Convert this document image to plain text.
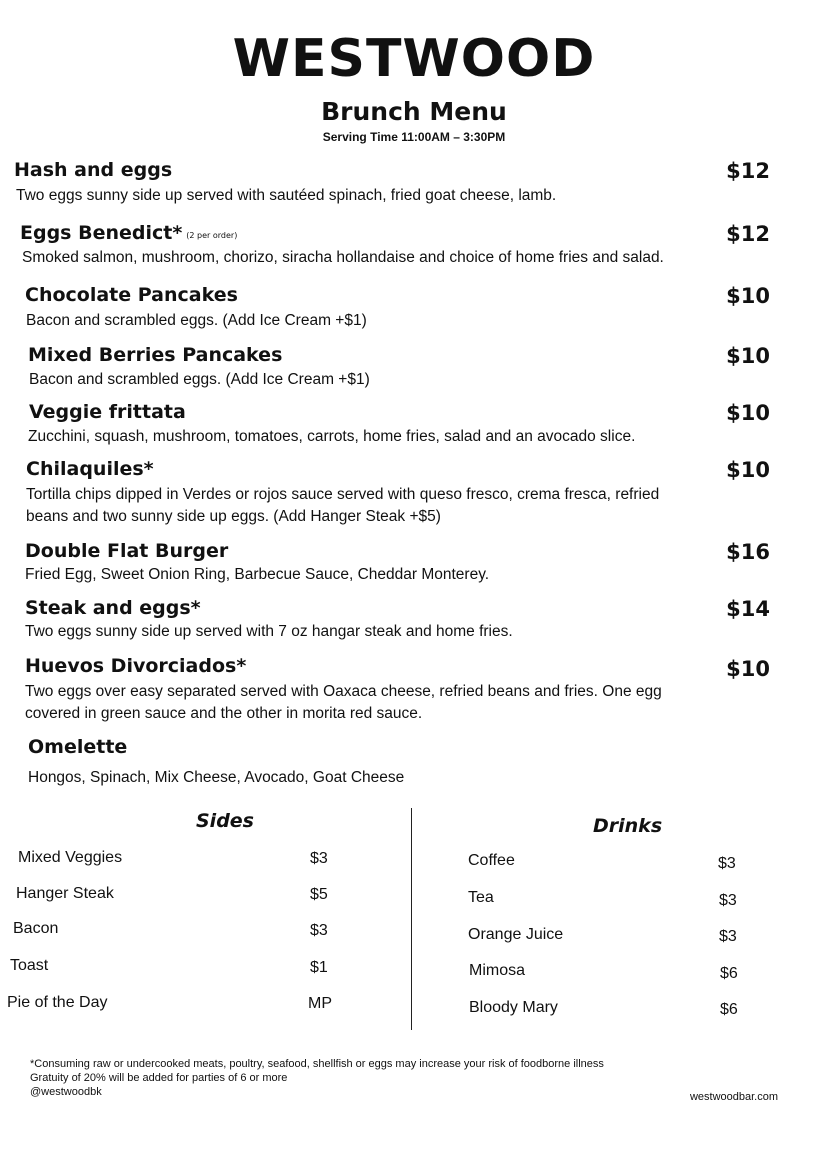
WESTWOOD
Brunch Menu
Serving Time 11:00AM – 3:30PM
Hash and eggs	$12
Two eggs sunny side up served with sautéed spinach, fried goat cheese, lamb.
Eggs Benedict* (2 per order)	$12
Smoked salmon, mushroom, chorizo, siracha hollandaise and choice of home fries and salad.
Chocolate Pancakes	$10
Bacon and scrambled eggs. (Add Ice Cream +$1)
Mixed Berries Pancakes	$10
Bacon and scrambled eggs. (Add Ice Cream +$1)
Veggie frittata	$10
Zucchini, squash, mushroom, tomatoes, carrots, home fries, salad and an avocado slice.
Chilaquiles*	$10
Tortilla chips dipped in Verdes or rojos sauce served with queso fresco, crema fresca, refried beans and two sunny side up eggs. (Add Hanger Steak +$5)
Double Flat Burger	$16
Fried Egg, Sweet Onion Ring, Barbecue Sauce, Cheddar Monterey.
Steak and eggs*	$14
Two eggs sunny side up served with 7 oz hangar steak and home fries.
Huevos Divorciados*	$10
Two eggs over easy separated served with Oaxaca cheese, refried beans and fries. One egg covered in green sauce and the other in morita red sauce.
Omelette
Hongos, Spinach, Mix Cheese, Avocado, Goat Cheese
Sides	Drinks
Mixed Veggies	$3
Hanger Steak	$5
Bacon	$3
Toast	$1
Pie of the Day	MP
Coffee	$3
Tea	$3
Orange Juice	$3
Mimosa	$6
Bloody Mary	$6
*Consuming raw or undercooked meats, poultry, seafood, shellfish or eggs may increase your risk of foodborne illness
Gratuity of 20% will be added for parties of 6 or more
@westwoodbk	westwoodbar.com
